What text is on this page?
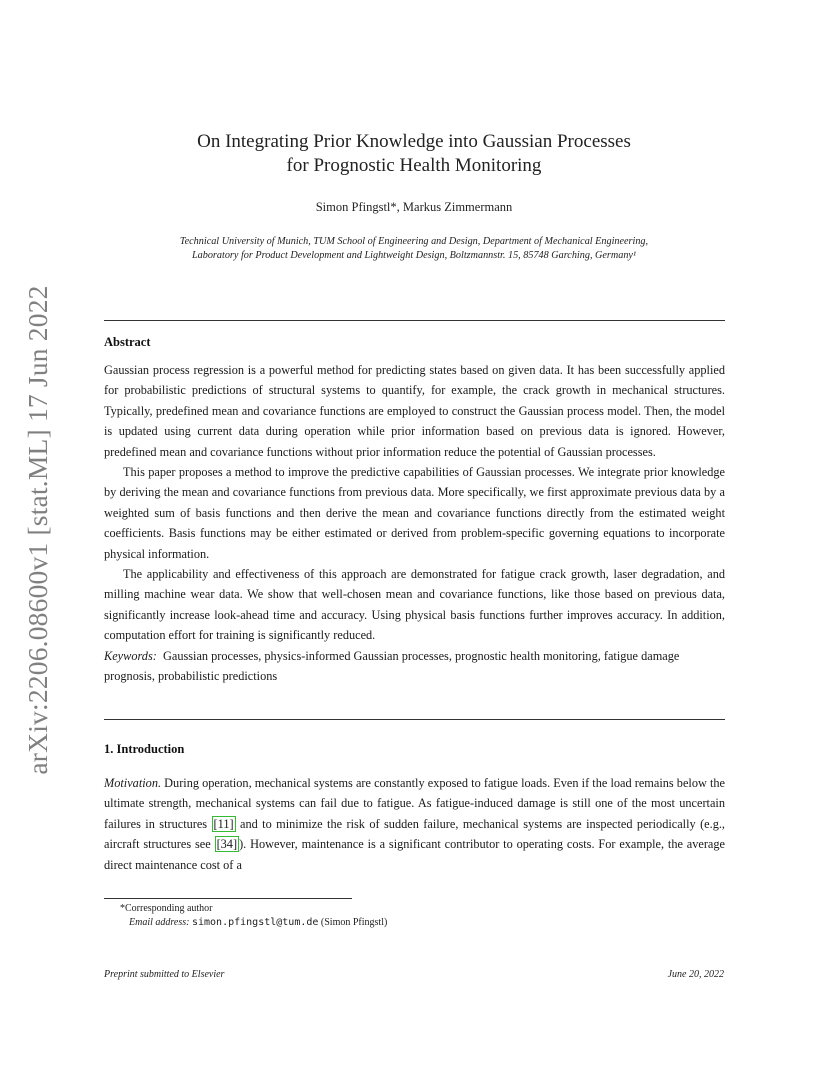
arXiv:2206.08600v1 [stat.ML] 17 Jun 2022
On Integrating Prior Knowledge into Gaussian Processes
for Prognostic Health Monitoring
Simon Pfingstl*, Markus Zimmermann
Technical University of Munich, TUM School of Engineering and Design, Department of Mechanical Engineering,
Laboratory for Product Development and Lightweight Design, Boltzmannstr. 15, 85748 Garching, Germany¹
Abstract

Gaussian process regression is a powerful method for predicting states based on given data. It has been successfully applied for probabilistic predictions of structural systems to quantify, for example, the crack growth in mechanical structures. Typically, predefined mean and covariance functions are employed to construct the Gaussian process model. Then, the model is updated using current data during operation while prior information based on previous data is ignored. However, predefined mean and covariance functions without prior information reduce the potential of Gaussian processes.

This paper proposes a method to improve the predictive capabilities of Gaussian processes. We integrate prior knowledge by deriving the mean and covariance functions from previous data. More specifically, we first approximate previous data by a weighted sum of basis functions and then derive the mean and covariance functions directly from the estimated weight coefficients. Basis functions may be either estimated or derived from problem-specific governing equations to incorporate physical information.

The applicability and effectiveness of this approach are demonstrated for fatigue crack growth, laser degradation, and milling machine wear data. We show that well-chosen mean and covariance functions, like those based on previous data, significantly increase look-ahead time and accuracy. Using physical basis functions further improves accuracy. In addition, computation effort for training is significantly reduced.

Keywords: Gaussian processes, physics-informed Gaussian processes, prognostic health monitoring, fatigue damage prognosis, probabilistic predictions

1. Introduction

Motivation. During operation, mechanical systems are constantly exposed to fatigue loads. Even if the load remains below the ultimate strength, mechanical systems can fail due to fatigue. As fatigue-induced damage is still one of the most uncertain failures in structures [11] and to minimize the risk of sudden failure, mechanical systems are inspected periodically (e.g., aircraft structures see [34] ). However, maintenance is a significant contributor to operating costs. For example, the average direct maintenance cost of a

*Corresponding author
Email address: simon.pfingstl@tum.de (Simon Pfingstl)
Preprint submitted to Elsevier	June 20, 2022
